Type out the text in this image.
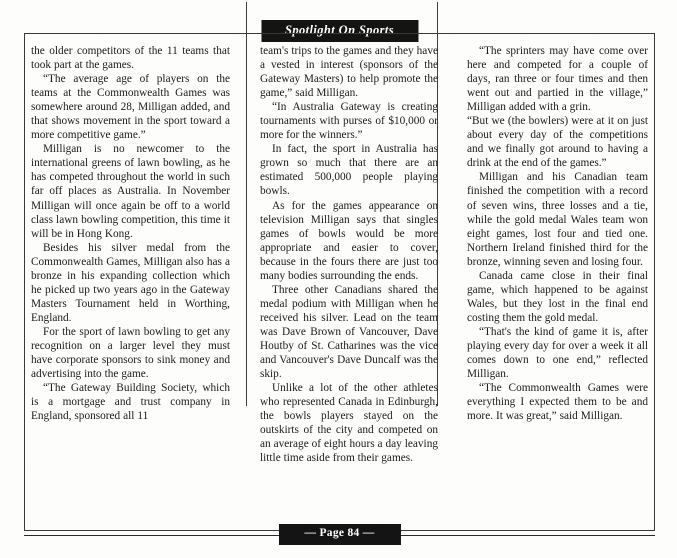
Spotlight On Sports

the older competitors of the 11 teams that took part at the games.

“The average age of players on the teams at the Commonwealth Games was somewhere around 28, Milligan added, and that shows movement in the sport toward a more competitive game.”

Milligan is no newcomer to the international greens of lawn bowling, as he has competed throughout the world in such far off places as Australia. In November Milligan will once again be off to a world class lawn bowling competition, this time it will be in Hong Kong.

Besides his silver medal from the Commonwealth Games, Milligan also has a bronze in his expanding collection which he picked up two years ago in the Gateway Masters Tournament held in Worthing, England.

For the sport of lawn bowling to get any recognition on a larger level they must have corporate sponsors to sink money and advertising into the game.

“The Gateway Building Society, which is a mortgage and trust company in England, sponsored all 11

team's trips to the games and they have a vested in interest (sponsors of the Gateway Masters) to help promote the game,” said Milligan.

“In Australia Gateway is creating tournaments with purses of $10,000 or more for the winners.”

In fact, the sport in Australia has grown so much that there are an estimated 500,000 people playing bowls.

As for the games appearance on television Milligan says that singles games of bowls would be more appropriate and easier to cover, because in the fours there are just too many bodies surrounding the ends.

Three other Canadians shared the medal podium with Milligan when he received his silver. Lead on the team was Dave Brown of Vancouver, Dave Houtby of St. Catharines was the vice and Vancouver's Dave Duncalf was the skip.

Unlike a lot of the other athletes who represented Canada in Edinburgh, the bowls players stayed on the outskirts of the city and competed on an average of eight hours a day leaving little time aside from their games.

“The sprinters may have come over here and competed for a couple of days, ran three or four times and then went out and partied in the village,” Milligan added with a grin.

“But we (the bowlers) were at it on just about every day of the competitions and we finally got around to having a drink at the end of the games.”

Milligan and his Canadian team finished the competition with a record of seven wins, three losses and a tie, while the gold medal Wales team won eight games, lost four and tied one. Northern Ireland finished third for the bronze, winning seven and losing four.

Canada came close in their final game, which happened to be against Wales, but they lost in the final end costing them the gold medal.

“That's the kind of game it is, after playing every day for over a week it all comes down to one end,” reflected Milligan.

“The Commonwealth Games were everything I expected them to be and more. It was great,” said Milligan.

— Page 84 —
